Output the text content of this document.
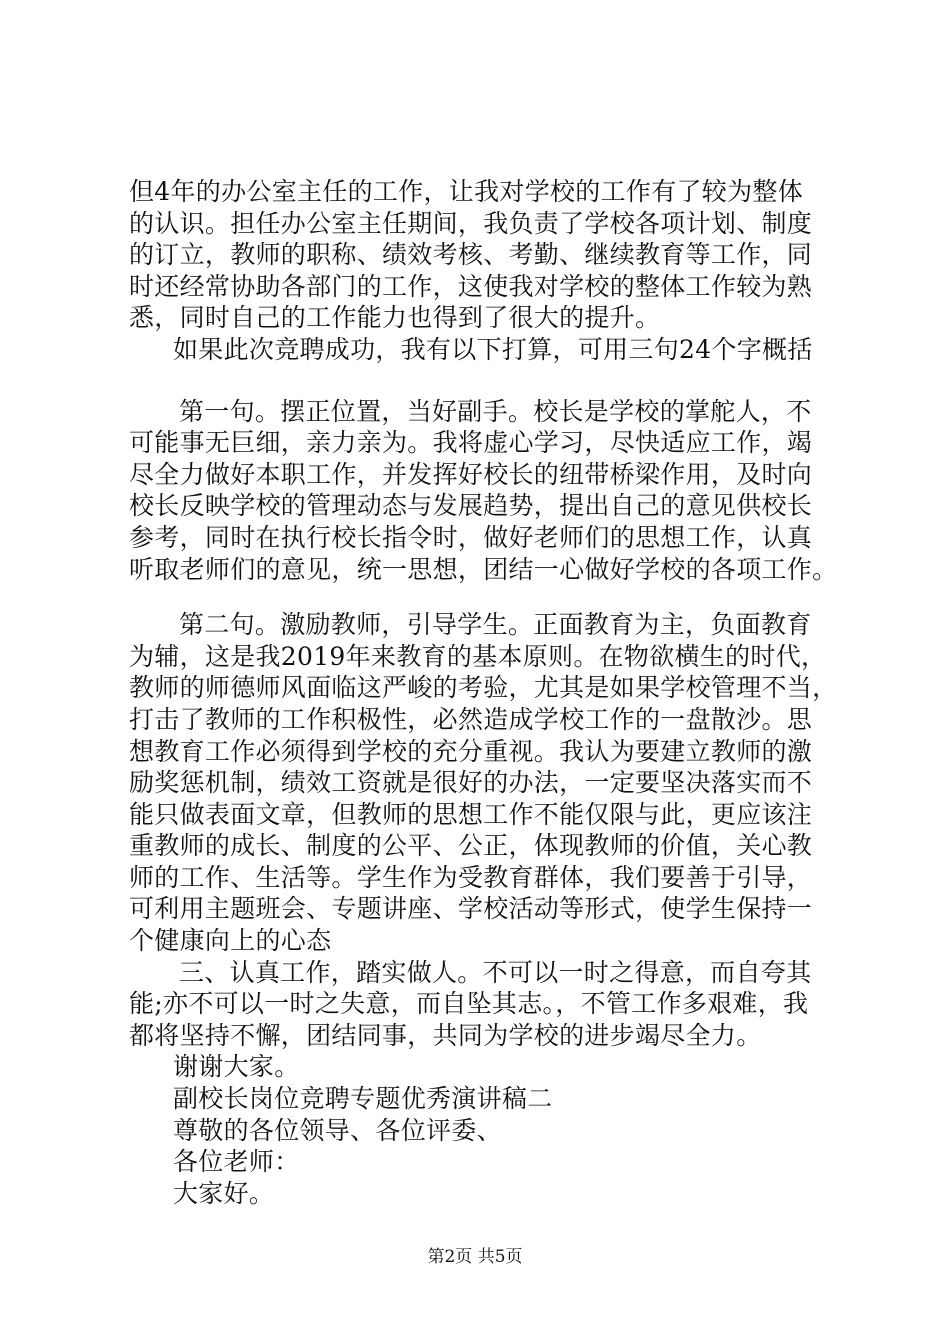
但4年的办公室主任的工作，让我对学校的工作有了较为整体
的认识。担任办公室主任期间，我负责了学校各项计划、制度
的订立，教师的职称、绩效考核、考勤、继续教育等工作，同
时还经常协助各部门的工作，这使我对学校的整体工作较为熟
悉，同时自己的工作能力也得到了很大的提升。
如果此次竞聘成功，我有以下打算，可用三句24个字概括
第一句。摆正位置，当好副手。校长是学校的掌舵人，不
可能事无巨细，亲力亲为。我将虚心学习，尽快适应工作，竭
尽全力做好本职工作，并发挥好校长的纽带桥梁作用，及时向
校长反映学校的管理动态与发展趋势，提出自己的意见供校长
参考，同时在执行校长指令时，做好老师们的思想工作，认真
听取老师们的意见，统一思想，团结一心做好学校的各项工作。
第二句。激励教师，引导学生。正面教育为主，负面教育
为辅，这是我2019年来教育的基本原则。在物欲横生的时代，
教师的师德师风面临这严峻的考验，尤其是如果学校管理不当，
打击了教师的工作积极性，必然造成学校工作的一盘散沙。思
想教育工作必须得到学校的充分重视。我认为要建立教师的激
励奖惩机制，绩效工资就是很好的办法，一定要坚决落实而不
能只做表面文章，但教师的思想工作不能仅限与此，更应该注
重教师的成长、制度的公平、公正，体现教师的价值，关心教
师的工作、生活等。学生作为受教育群体，我们要善于引导，
可利用主题班会、专题讲座、学校活动等形式，使学生保持一
个健康向上的心态
三、认真工作，踏实做人。不可以一时之得意，而自夸其
能;亦不可以一时之失意，而自坠其志。，不管工作多艰难，我
都将坚持不懈，团结同事，共同为学校的进步竭尽全力。
谢谢大家。
副校长岗位竞聘专题优秀演讲稿二
尊敬的各位领导、各位评委、
各位老师：
大家好。
第2页 共5页
